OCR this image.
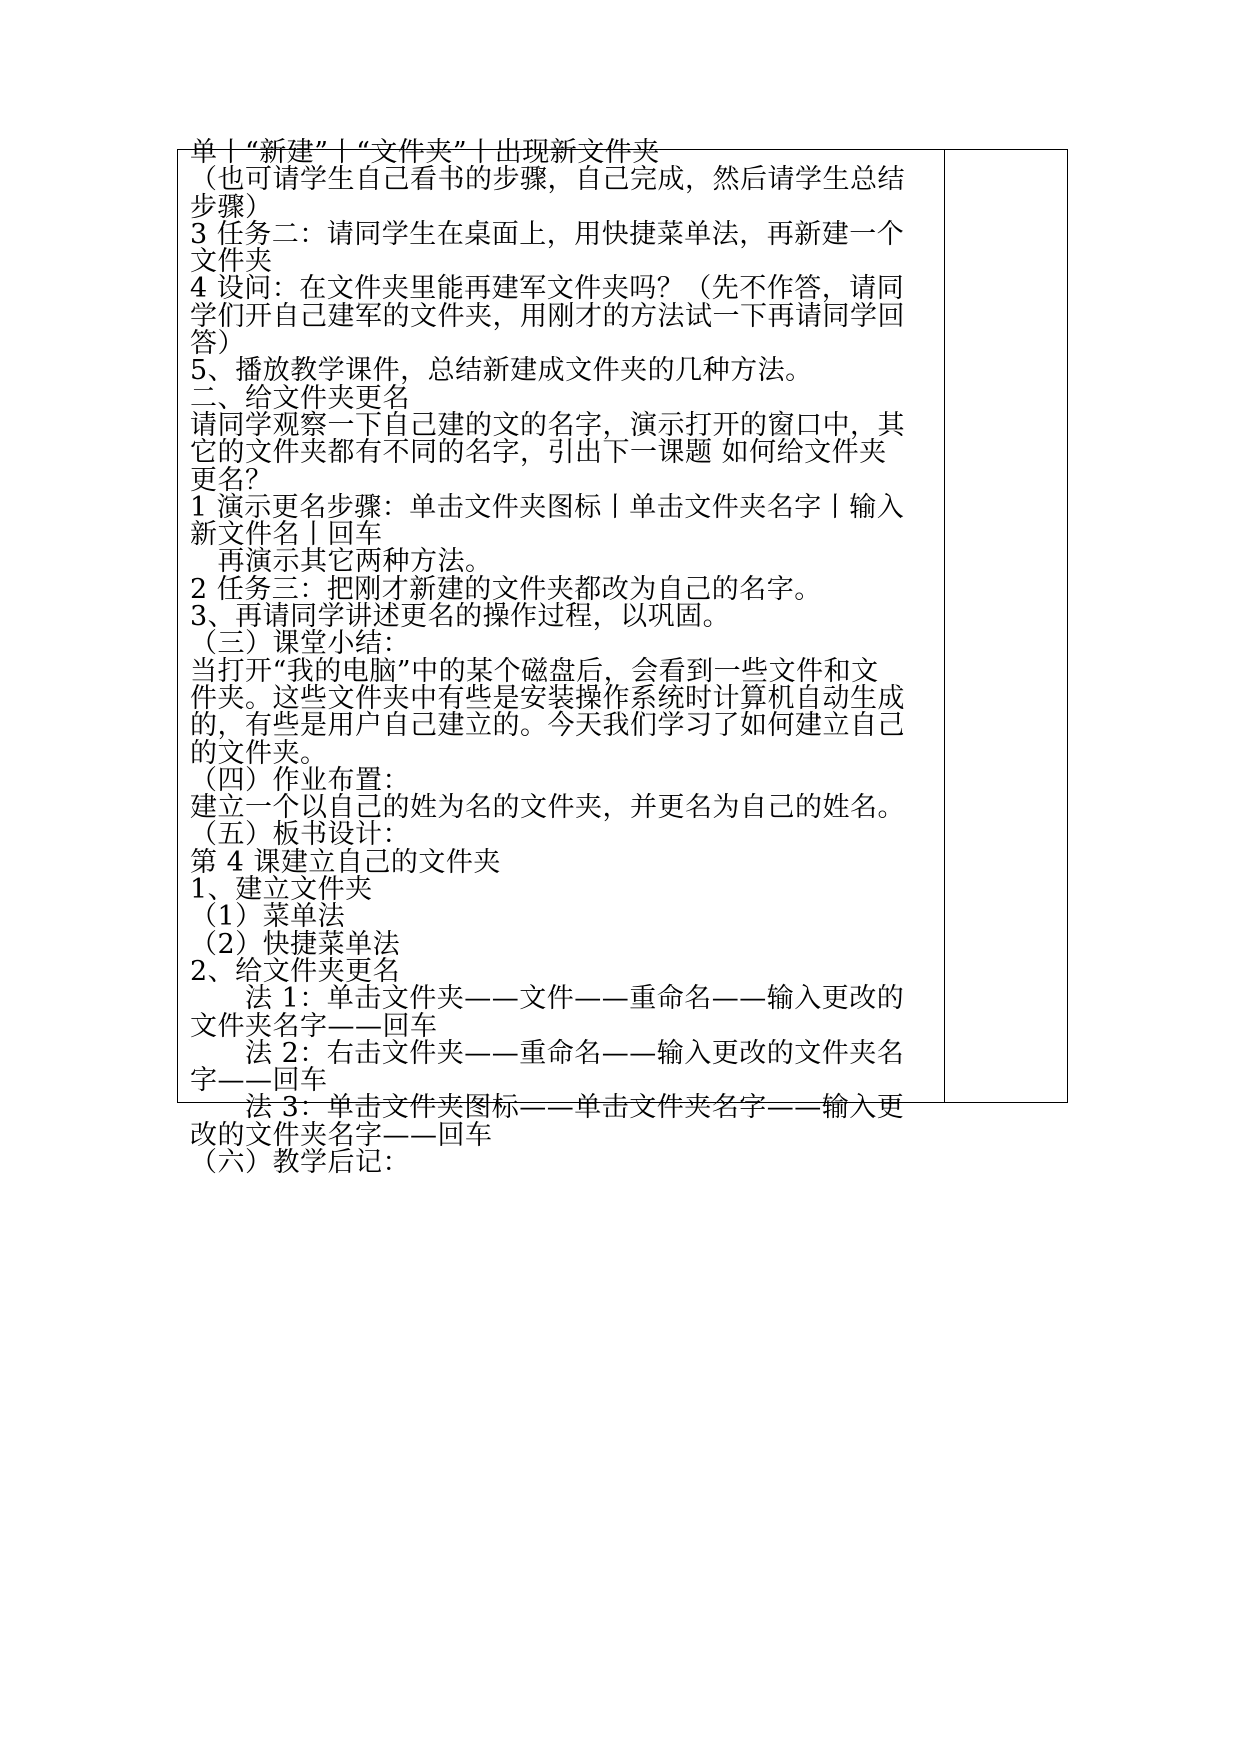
单丨“新建”丨“文件夹”丨出现新文件夹

（也可请学生自己看书的步骤，自己完成，然后请学生总结

步骤）

3 任务二：请同学生在桌面上，用快捷菜单法，再新建一个

文件夹

4 设问：在文件夹里能再建军文件夹吗？（先不作答，请同

学们开自己建军的文件夹，用刚才的方法试一下再请同学回

答）

5、播放教学课件，总结新建成文件夹的几种方法。

二、给文件夹更名

请同学观察一下自己建的文的名字，演示打开的窗口中，其

它的文件夹都有不同的名字，引出下一课题 如何给文件夹

更名？

1 演示更名步骤：单击文件夹图标丨单击文件夹名字丨输入

新文件名丨回车

　再演示其它两种方法。

2 任务三：把刚才新建的文件夹都改为自己的名字。

3、再请同学讲述更名的操作过程，以巩固。

（三）课堂小结：

当打开“我的电脑”中的某个磁盘后，会看到一些文件和文

件夹。这些文件夹中有些是安装操作系统时计算机自动生成

的，有些是用户自己建立的。今天我们学习了如何建立自己

的文件夹。

（四）作业布置：

建立一个以自己的姓为名的文件夹，并更名为自己的姓名。

（五）板书设计：

第 4 课建立自己的文件夹

1、建立文件夹

（1）菜单法

（2）快捷菜单法

2、给文件夹更名

　　法 1：单击文件夹——文件——重命名——输入更改的

文件夹名字——回车

　　法 2：右击文件夹——重命名——输入更改的文件夹名

字——回车

　　法 3：单击文件夹图标——单击文件夹名字——输入更

改的文件夹名字——回车

（六）教学后记：
